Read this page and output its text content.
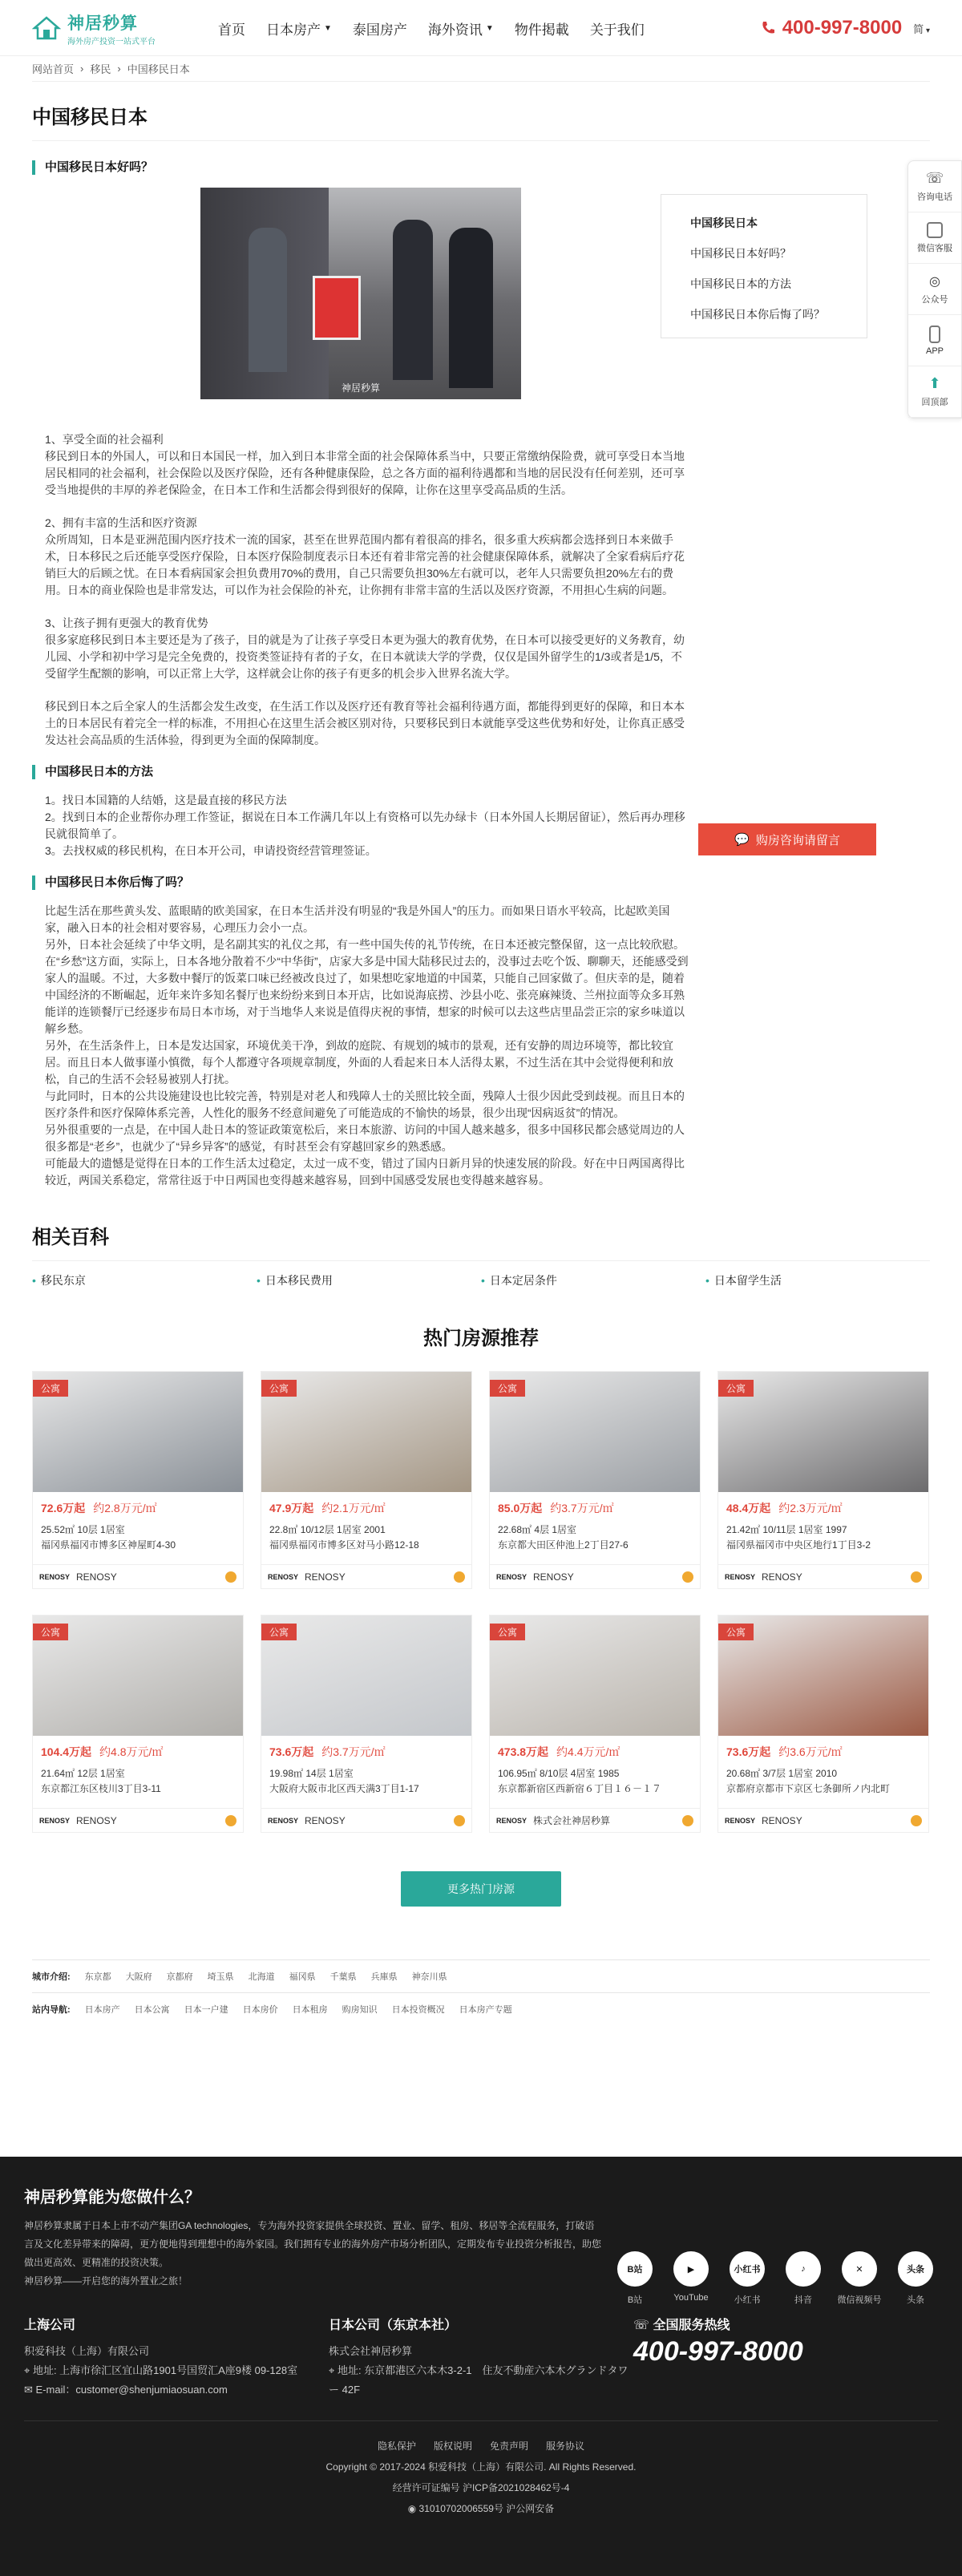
神居秒算
海外房产投资一站式平台
首页 日本房产 ▼ 泰国房产 海外资讯 ▼ 物件掲載 关于我们	400-997-8000 简 ▾
网站首页 › 移民 › 中国移民日本
中国移民日本
中国移民日本好吗？
神居秒算

1、享受全面的社会福利
移民到日本的外国人，可以和日本国民一样，加入到日本非常全面的社会保障体系当中，只要正常缴纳保险费，就可享受日本当地居民相同的社会福利，社会保险以及医疗保险，还有各种健康保险，总之各方面的福利待遇都和当地的居民没有任何差别，还可享受当地提供的丰厚的养老保险金，在日本工作和生活都会得到很好的保障，让你在这里享受高品质的生活。

2、拥有丰富的生活和医疗资源
众所周知，日本是亚洲范围内医疗技术一流的国家，甚至在世界范围内都有着很高的排名，很多重大疾病都会选择到日本来做手术，日本移民之后还能享受医疗保险，日本医疗保险制度表示日本还有着非常完善的社会健康保障体系，就解决了全家看病后疗花销巨大的后顾之忧。在日本看病国家会担负费用70%的费用，自己只需要负担30%左右就可以，老年人只需要负担20%左右的费用。日本的商业保险也是非常发达，可以作为社会保险的补充，让你拥有非常丰富的生活以及医疗资源，不用担心生病的问题。

3、让孩子拥有更强大的教育优势
很多家庭移民到日本主要还是为了孩子，目的就是为了让孩子享受日本更为强大的教育优势，在日本可以接受更好的义务教育，幼儿园、小学和初中学习是完全免费的，投资类签证持有者的子女，在日本就读大学的学费，仅仅是国外留学生的1/3或者是1/5，不受留学生配额的影响，可以正常上大学，这样就会让你的孩子有更多的机会步入世界名流大学。

移民到日本之后全家人的生活都会发生改变，在生活工作以及医疗还有教育等社会福利待遇方面，都能得到更好的保障，和日本本土的日本居民有着完全一样的标准，不用担心在这里生活会被区别对待，只要移民到日本就能享受这些优势和好处，让你真正感受发达社会高品质的生活体验，得到更为全面的保障制度。

中国移民日本的方法

1。找日本国籍的人结婚，这是最直接的移民方法
2。找到日本的企业帮你办理工作签证，据说在日本工作满几年以上有资格可以先办绿卡（日本外国人长期居留证），然后再办理移民就很简单了。
3。去找权威的移民机构，在日本开公司，申请投资经营管理签证。

中国移民日本你后悔了吗？

比起生活在那些黄头发、蓝眼睛的欧美国家，在日本生活并没有明显的“我是外国人”的压力。而如果日语水平较高，比起欧美国家，融入日本的社会相对要容易，心理压力会小一点。
另外，日本社会延续了中华文明，是名副其实的礼仪之邦，有一些中国失传的礼节传统，在日本还被完整保留，这一点比较欣慰。在“乡愁”这方面，实际上，日本各地分散着不少“中华街”，店家大多是中国大陆移民过去的，没事过去吃个饭、聊聊天，还能感受到家人的温暖。不过，大多数中餐厅的饭菜口味已经被改良过了，如果想吃家地道的中国菜，只能自己回家做了。但庆幸的是，随着中国经济的不断崛起，近年来许多知名餐厅也来纷纷来到日本开店，比如说海底捞、沙县小吃、张亮麻辣烫、兰州拉面等众多耳熟能详的连锁餐厅已经逐步布局日本市场，对于当地华人来说是值得庆祝的事情，想家的时候可以去这些店里品尝正宗的家乡味道以解乡愁。
另外，在生活条件上，日本是发达国家，环境优美干净，到故的庭院、有规划的城市的景观，还有安静的周边环境等，都比较宜居。而且日本人做事谨小慎微，每个人都遵守各项规章制度，外面的人看起来日本人活得太累，不过生活在其中会觉得便利和放松，自己的生活不会轻易被别人打扰。
与此同时，日本的公共设施建设也比较完善，特别是对老人和残障人士的关照比较全面，残障人士很少因此受到歧视。而且日本的医疗条件和医疗保障体系完善，人性化的服务不经意间避免了可能造成的不愉快的场景，很少出现“因病返贫”的情况。
另外很重要的一点是，在中国人赴日本的签证政策宽松后，来日本旅游、访问的中国人越来越多，很多中国移民都会感觉周边的人很多都是“老乡”，也就少了“异乡异客”的感觉，有时甚至会有穿越回家乡的熟悉感。
可能最大的遗憾是觉得在日本的工作生活太过稳定，太过一成不变，错过了国内日新月异的快速发展的阶段。好在中日两国离得比较近，两国关系稳定，常常往返于中日两国也变得越来越容易，回到中国感受发展也变得越来越容易。

中国移民日本
中国移民日本好吗？
中国移民日本的方法
中国移民日本你后悔了吗？
💬 购房咨询请留言
相关百科
• 移民东京	• 日本移民费用	• 日本定居条件	• 日本留学生活
热门房源推荐
公寓
72.6万起 约2.8万元/㎡
25.52㎡ 10层 1居室
福冈県福冈市博多区神屋町4-30
RENOSY RENOSY
公寓
47.9万起 约2.1万元/㎡
22.8㎡ 10/12层 1居室 2001
福冈県福冈市博多区対马小路12-18
RENOSY RENOSY
公寓
85.0万起 约3.7万元/㎡
22.68㎡ 4层 1居室
东京都大田区仲池上2丁目27-6
RENOSY RENOSY
公寓
48.4万起 约2.3万元/㎡
21.42㎡ 10/11层 1居室 1997
福冈県福冈市中央区地行1丁目3-2
RENOSY RENOSY
公寓
104.4万起 约4.8万元/㎡
21.64㎡ 12层 1居室
东京都江东区枝川3丁目3-11
RENOSY RENOSY
公寓
73.6万起 约3.7万元/㎡
19.98㎡ 14层 1居室
大阪府大阪市北区西天满3丁目1-17
RENOSY RENOSY
公寓
473.8万起 约4.4万元/㎡
106.95㎡ 8/10层 4居室 1985
东京都新宿区西新宿６丁目１６－１７
RENOSY 株式会社神居秒算
公寓
73.6万起 约3.6万元/㎡
20.68㎡ 3/7层 1居室 2010
京都府京都市下京区七条御所ノ内北町
RENOSY RENOSY
更多热门房源
城市介绍: 东京都 大阪府 京都府 埼玉県 北海道 福冈県 千葉県 兵庫県 神奈川県
站内导航: 日本房产 日本公寓 日本一户建 日本房价 日本租房 购房知识 日本投资概况 日本房产专题
☏
咨询电话
微信客服
◎
公众号
APP
⬆
回顶部
神居秒算能为您做什么？
神居秒算隶属于日本上市不动产集团GA technologies，专为海外投资家提供全球投资、置业、留学、租房、移居等全流程服务，打破语言及文化差异带来的障碍，更方便地得到理想中的海外家园。我们拥有专业的海外房产市场分析团队，定期发布专业投资分析报告，助您做出更高效、更精准的投资决策。
神居秒算——开启您的海外置业之旅！
B站
B站
▶
YouTube
小红书
小红书
♪
抖音
✕
微信视频号
头条
头条
上海公司
积爱科技（上海）有限公司
⌖ 地址: 上海市徐汇区宜山路1901号国贸汇A座9楼 09-128室
✉ E-mail：customer@shenjumiaosuan.com
日本公司（东京本社）
株式会社神居秒算
⌖ 地址: 东京都港区六本木3-2-1　住友不動産六本木グランドタワー 42F
☏ 全国服务热线
400-997-8000
隐私保护 版权说明 免责声明 服务协议
Copyright © 2017-2024 积爱科技（上海）有限公司. All Rights Reserved.
经营许可证编号 沪ICP备2021028462号-4
◉ 31010702006559号 沪公网安备
